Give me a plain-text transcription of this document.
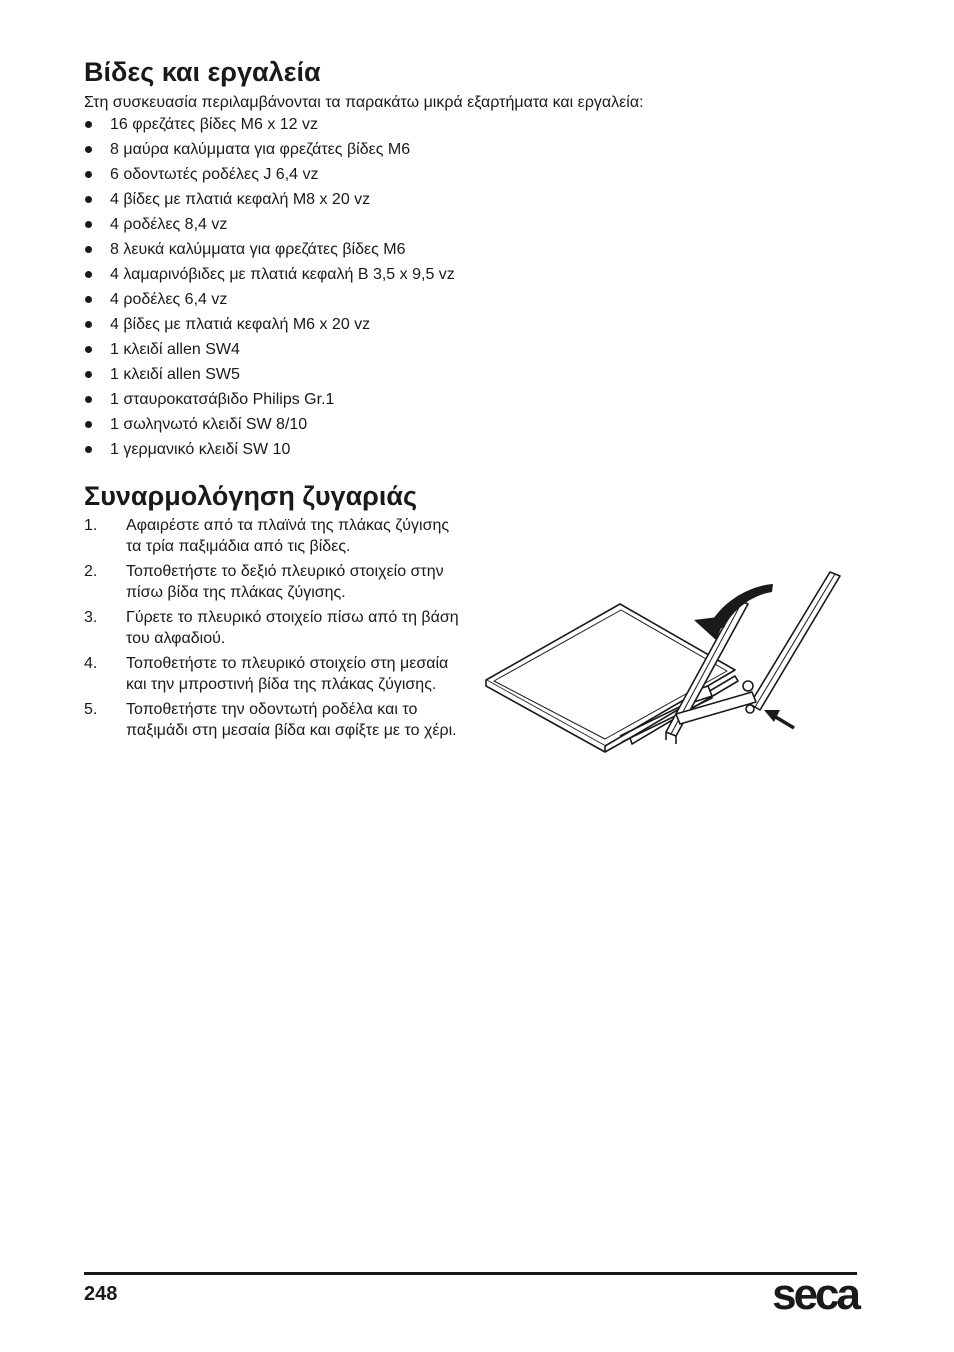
Βίδες και εργαλεία

Στη συσκευασία περιλαμβάνονται τα παρακάτω μικρά εξαρτήματα και εργαλεία:

16 φρεζάτες βίδες M6 x 12 vz
8 μαύρα καλύμματα για φρεζάτες βίδες M6
6 οδοντωτές ροδέλες J 6,4 vz
4 βίδες με πλατιά κεφαλή M8 x 20 vz
4 ροδέλες 8,4 vz
8 λευκά καλύμματα για φρεζάτες βίδες M6
4 λαμαρινόβιδες με πλατιά κεφαλή B 3,5 x 9,5 vz
4 ροδέλες 6,4 vz
4 βίδες με πλατιά κεφαλή M6 x 20 vz
1 κλειδί allen SW4
1 κλειδί allen SW5
1 σταυροκατσάβιδο Philips Gr.1
1 σωληνωτό κλειδί SW 8/10
1 γερμανικό κλειδί SW 10
Συναρμολόγηση ζυγαριάς
1. Αφαιρέστε από τα πλαϊνά της πλάκας ζύγισης τα τρία παξιμάδια από τις βίδες.
2. Τοποθετήστε το δεξιό πλευρικό στοιχείο στην πίσω βίδα της πλάκας ζύγισης.
3. Γύρετε το πλευρικό στοιχείο πίσω από τη βάση του αλφαδιού.
4. Τοποθετήστε το πλευρικό στοιχείο στη μεσαία και την μπροστινή βίδα της πλάκας ζύγισης.
5. Τοποθετήστε την οδοντωτή ροδέλα και το παξιμάδι στη μεσαία βίδα και σφίξτε με το χέρι.
248	seca
